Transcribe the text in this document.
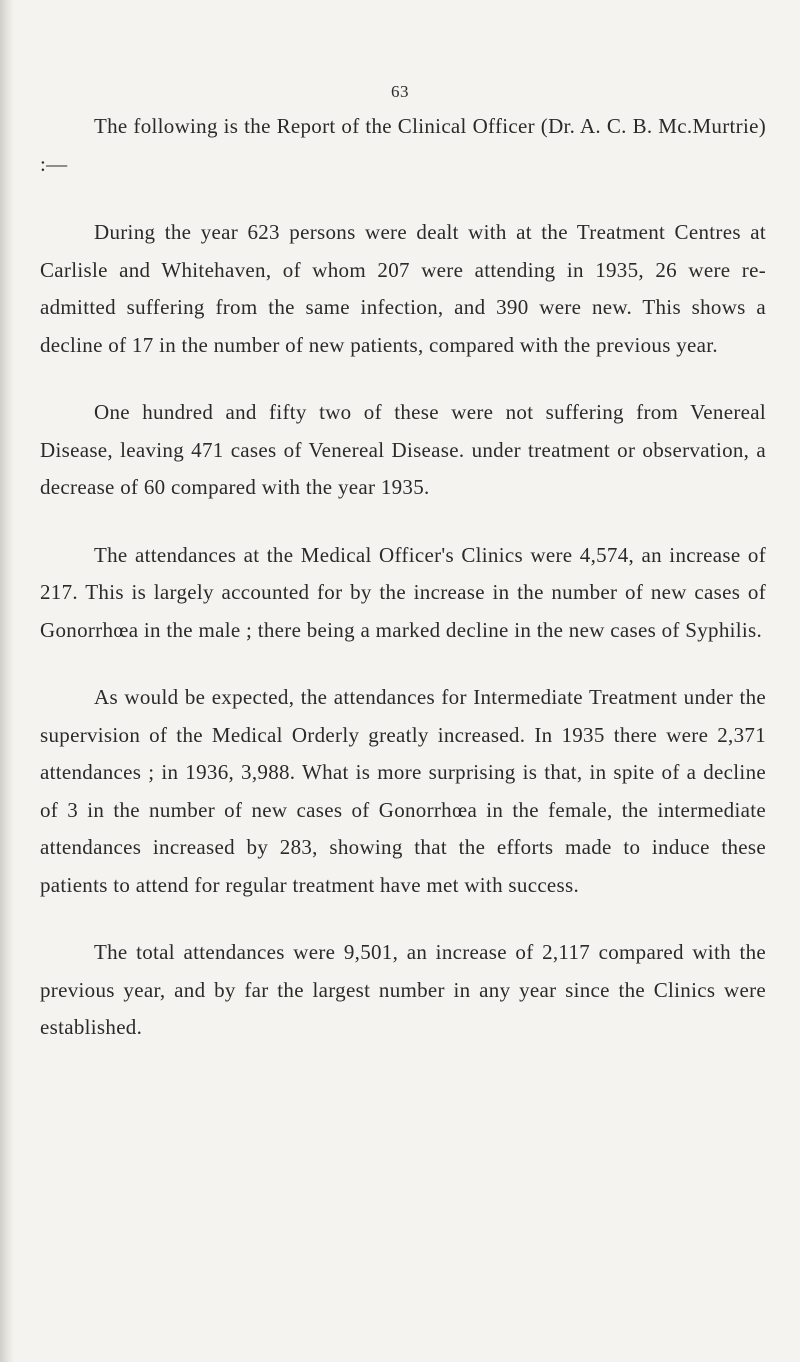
63

The following is the Report of the Clinical Officer (Dr. A. C. B. Mc.Murtrie) :—

During the year 623 persons were dealt with at the Treatment Centres at Carlisle and Whitehaven, of whom 207 were attending in 1935, 26 were re-admitted suffering from the same infection, and 390 were new. This shows a decline of 17 in the number of new patients, compared with the previous year.

One hundred and fifty two of these were not suffering from Venereal Disease, leaving 471 cases of Venereal Disease. under treatment or observation, a decrease of 60 compared with the year 1935.

The attendances at the Medical Officer's Clinics were 4,574, an increase of 217. This is largely accounted for by the increase in the number of new cases of Gonorrhœa in the male ; there being a marked decline in the new cases of Syphilis.

As would be expected, the attendances for Intermediate Treatment under the supervision of the Medical Orderly greatly increased. In 1935 there were 2,371 attendances ; in 1936, 3,988. What is more surprising is that, in spite of a decline of 3 in the number of new cases of Gonorrhœa in the female, the intermediate attendances increased by 283, showing that the efforts made to induce these patients to attend for regular treatment have met with success.

The total attendances were 9,501, an increase of 2,117 compared with the previous year, and by far the largest number in any year since the Clinics were established.
